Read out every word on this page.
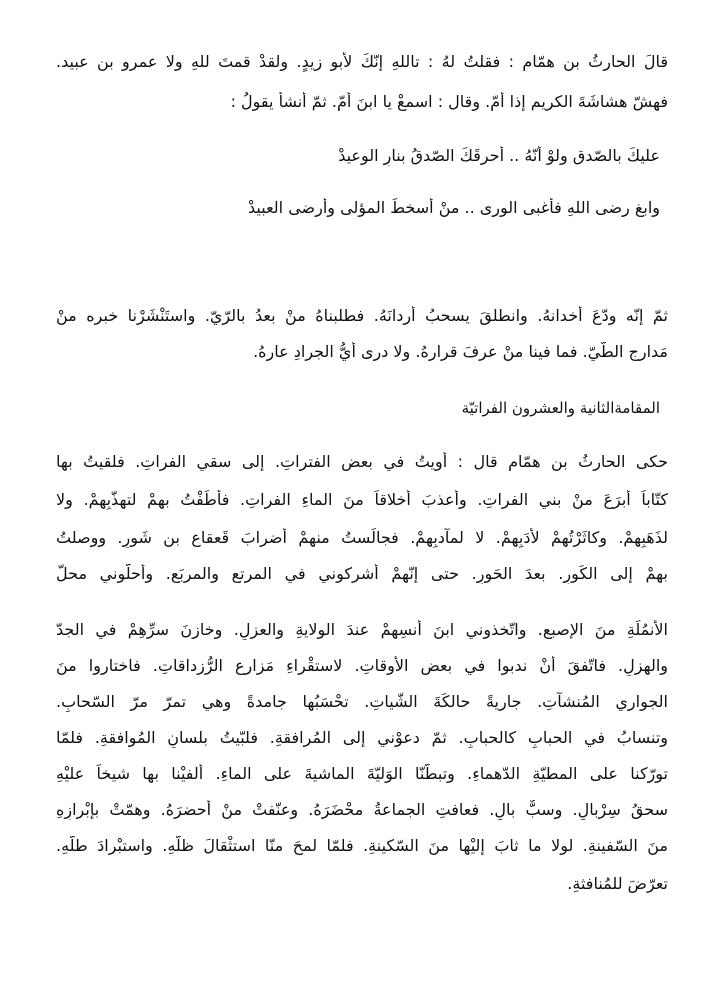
قالَ الحارثُ بن همّامٍ : فقلتُ لهُ : تاللهِ إنّكَ لأبو زيدٍ. ولقدْ قمتَ للهِ ولا عمرو بن عبيد.
فهشّ هشاشَةَ الكريمِ إذا أمّ. وقال : اسمعْ يا ابنَ أمّ. ثمّ أنشأ يقولُ :
عليكَ بالصّدقِ ولوْ أنّهُ .. أحرقَكَ الصّدقُ بنارِ الوعيدْ
وابغِ رضى اللهِ فأغبى الورى .. منْ أسخطَ المؤلى وأرضى العبيدْ
ثمّ إنّه ودّعَ أخدانهُ. وانطلقَ يسحبُ أردانَهُ. فطلبناهُ منْ بعدُ بالرّيّ. واستَنْشَرْنا خبره منْ
مَدارجِ الطّيّ. فما فينا منْ عرفَ قرارهُ. ولا درى أيُّ الجرادِ عارهُ.
المقامةالثانية والعشرون الفراتيّة
حكى الحارثُ بن همّام قال : أويتُ في بعضِ الفتراتِ. إلى سقيِ الفراتِ. فلقيتُ بها
كتّاباً أبرَعَ منْ بني الفراتِ. وأعذبَ أخلاقاً منَ الماءِ الفراتِ. فأطَفْتُ بهمْ لتهذّبِهمْ. ولا
لذَهَبِهمْ. وكاثَرْتُهمْ لأدَبِهمْ. لا لمآدبِهمْ. فجالَستُ منهمْ أضرابَ قَعقاعِ بن شَورٍ. ووصلتُ
بهمْ إلى الكَورِ. بعدَ الحَورِ. حتى إنّهمْ أشركوني في المرتعِ والمربَعِ. وأحلّوني محلّ
الأنمُلَةِ منَ الإصبعِ. واتّخذوني ابنَ أنسِهِمْ عندَ الولايةِ والعزلِ. وخازنَ سرِّهِمْ في الجدّ
والهزلِ. فاتّفقَ أنْ ندبوا في بعضِ الأوقاتِ. لاستقْراءِ مَزارعِ الرُّزداقاتِ. فاختاروا منَ
الجواري المُنشآتِ. جاريةً حالكَةَ الشّياتِ. تحْسَبُها جامدةً وهي تمرّ مرّ السّحابِ.
وتنسابُ في الحبابِ كالحبابِ. ثمّ دعوْني إلى المُرافقةِ. فلبّيتُ بلسانِ المُوافقةِ. فلمّا
تورّكنا على المطيّةِ الدّهماءِ. وتبطّنّا الوَليّةَ الماشيةَ على الماءِ. ألفيْنا بها شيخاً عليْهِ
سحقُ سِرْبالٍ. وسبٌّ بالٍ. فعافتِ الجماعةُ محْضَرَهُ. وعنّفتْ منْ أحضرَهُ. وهمّتْ بإبْرازِهِ
منَ السّفينةِ. لولا ما ثابَ إليْها منَ السّكينةِ. فلمّا لمحَ منّا استثْقالَ ظلّهِ. واستبْرادَ طلّهِ.
تعرّضَ للمُنافثةِ.
